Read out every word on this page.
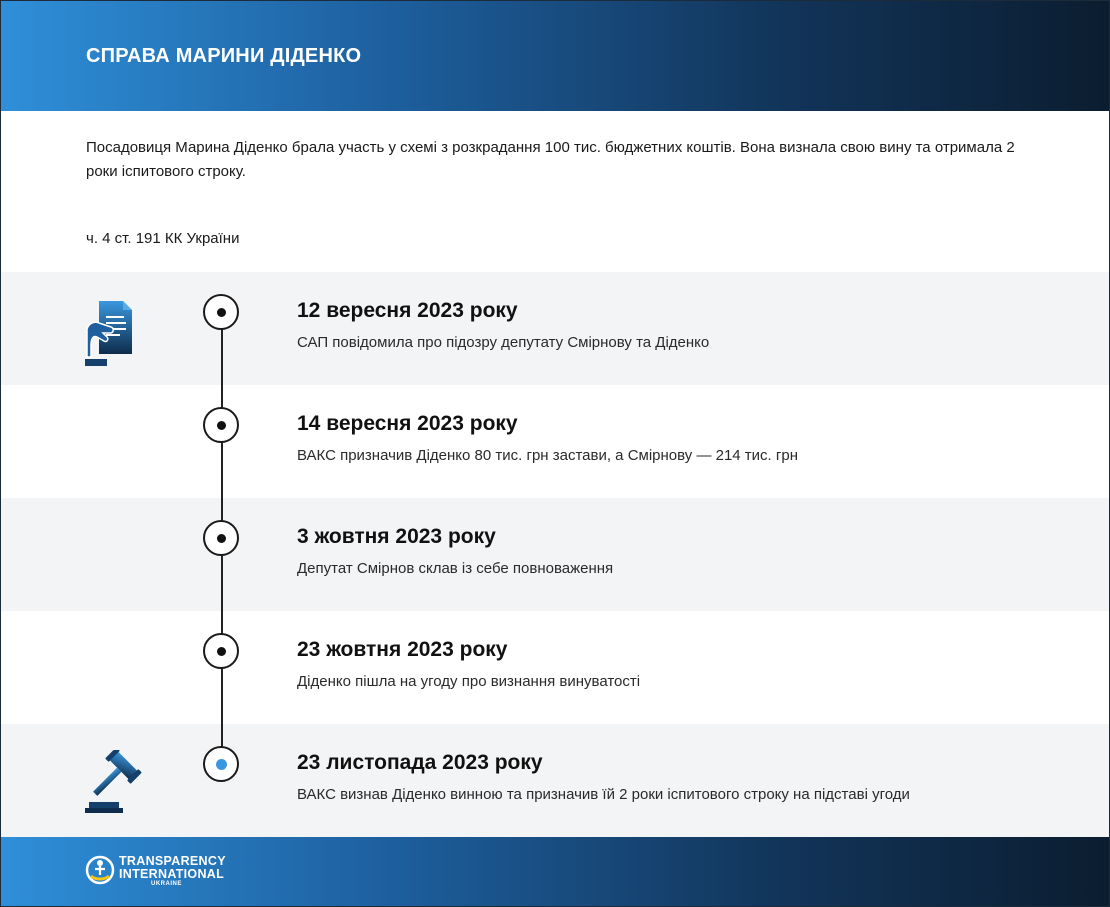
СПРАВА МАРИНИ ДІДЕНКО
Посадовиця Марина Діденко брала участь у схемі з розкрадання 100 тис. бюджетних коштів. Вона визнала свою вину та отримала 2 роки іспитового строку.
ч. 4 ст. 191 КК України
12 вересня 2023 року
САП повідомила про підозру депутату Смірнову та Діденко
14 вересня 2023 року
ВАКС призначив Діденко 80 тис. грн застави, а Смірнову — 214 тис. грн
3 жовтня 2023 року
Депутат Смірнов склав із себе повноваження
23 жовтня 2023 року
Діденко пішла на угоду про визнання винуватості
23 листопада 2023 року
ВАКС визнав Діденко винною та призначив їй 2 роки іспитового строку на підставі угоди
TRANSPARENCY
INTERNATIONAL
UKRAINE
